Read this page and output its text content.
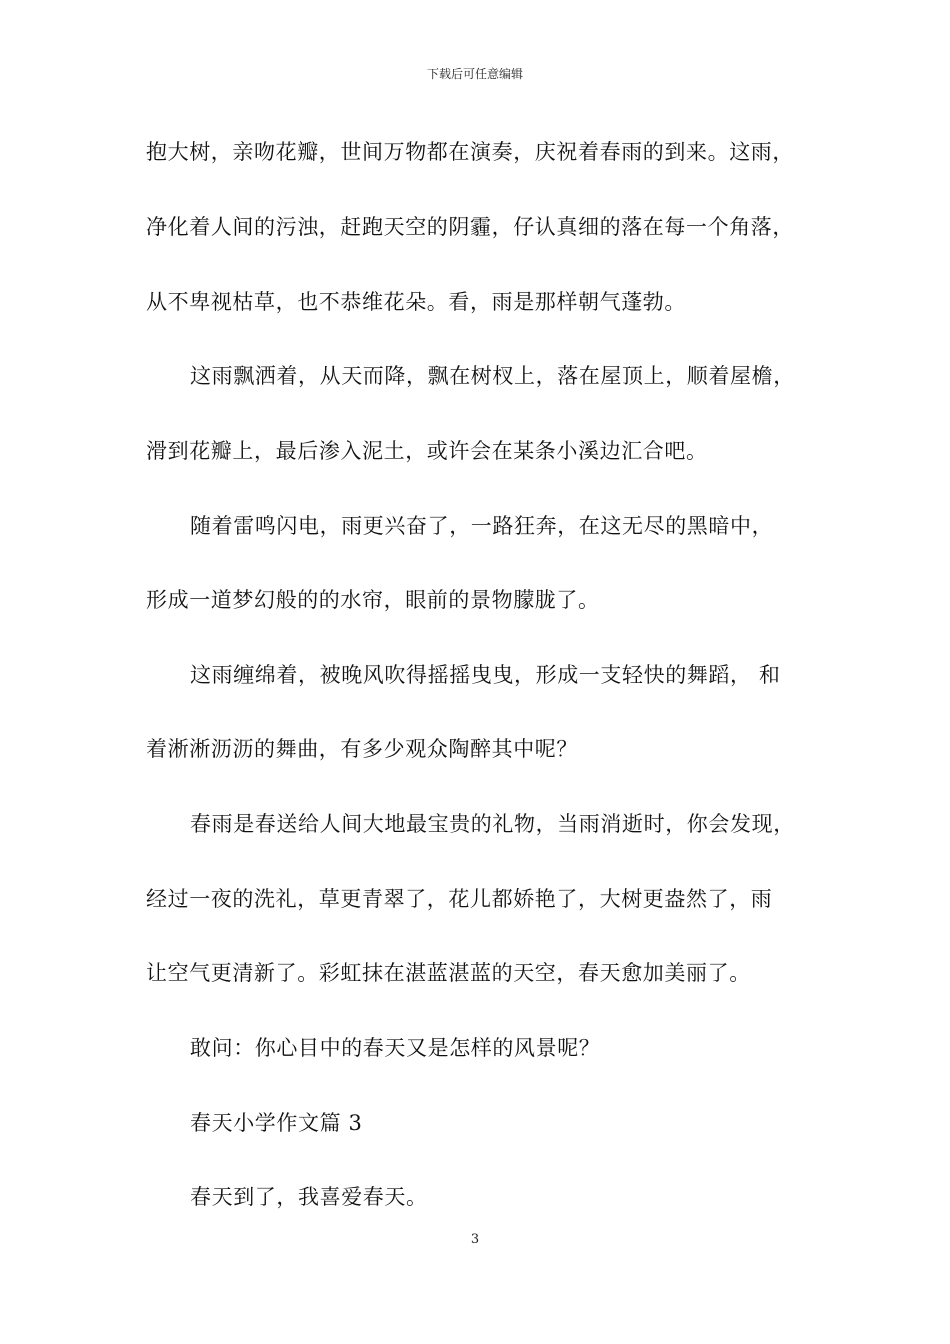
下载后可任意编辑
抱大树，亲吻花瓣，世间万物都在演奏，庆祝着春雨的到来。这雨，
净化着人间的污浊，赶跑天空的阴霾，仔认真细的落在每一个角落，
从不卑视枯草，也不恭维花朵。看，雨是那样朝气蓬勃。
这雨飘洒着，从天而降，飘在树杈上，落在屋顶上，顺着屋檐，
滑到花瓣上，最后渗入泥土，或许会在某条小溪边汇合吧。
随着雷鸣闪电，雨更兴奋了，一路狂奔，在这无尽的黑暗中，
形成一道梦幻般的的水帘，眼前的景物朦胧了。
这雨缠绵着，被晚风吹得摇摇曳曳，形成一支轻快的舞蹈， 和
着淅淅沥沥的舞曲，有多少观众陶醉其中呢？
春雨是春送给人间大地最宝贵的礼物，当雨消逝时，你会发现，
经过一夜的洗礼，草更青翠了，花儿都娇艳了，大树更盎然了，雨
让空气更清新了。彩虹抹在湛蓝湛蓝的天空，春天愈加美丽了。
敢问：你心目中的春天又是怎样的风景呢？
春天小学作文篇 3
春天到了，我喜爱春天。
3
